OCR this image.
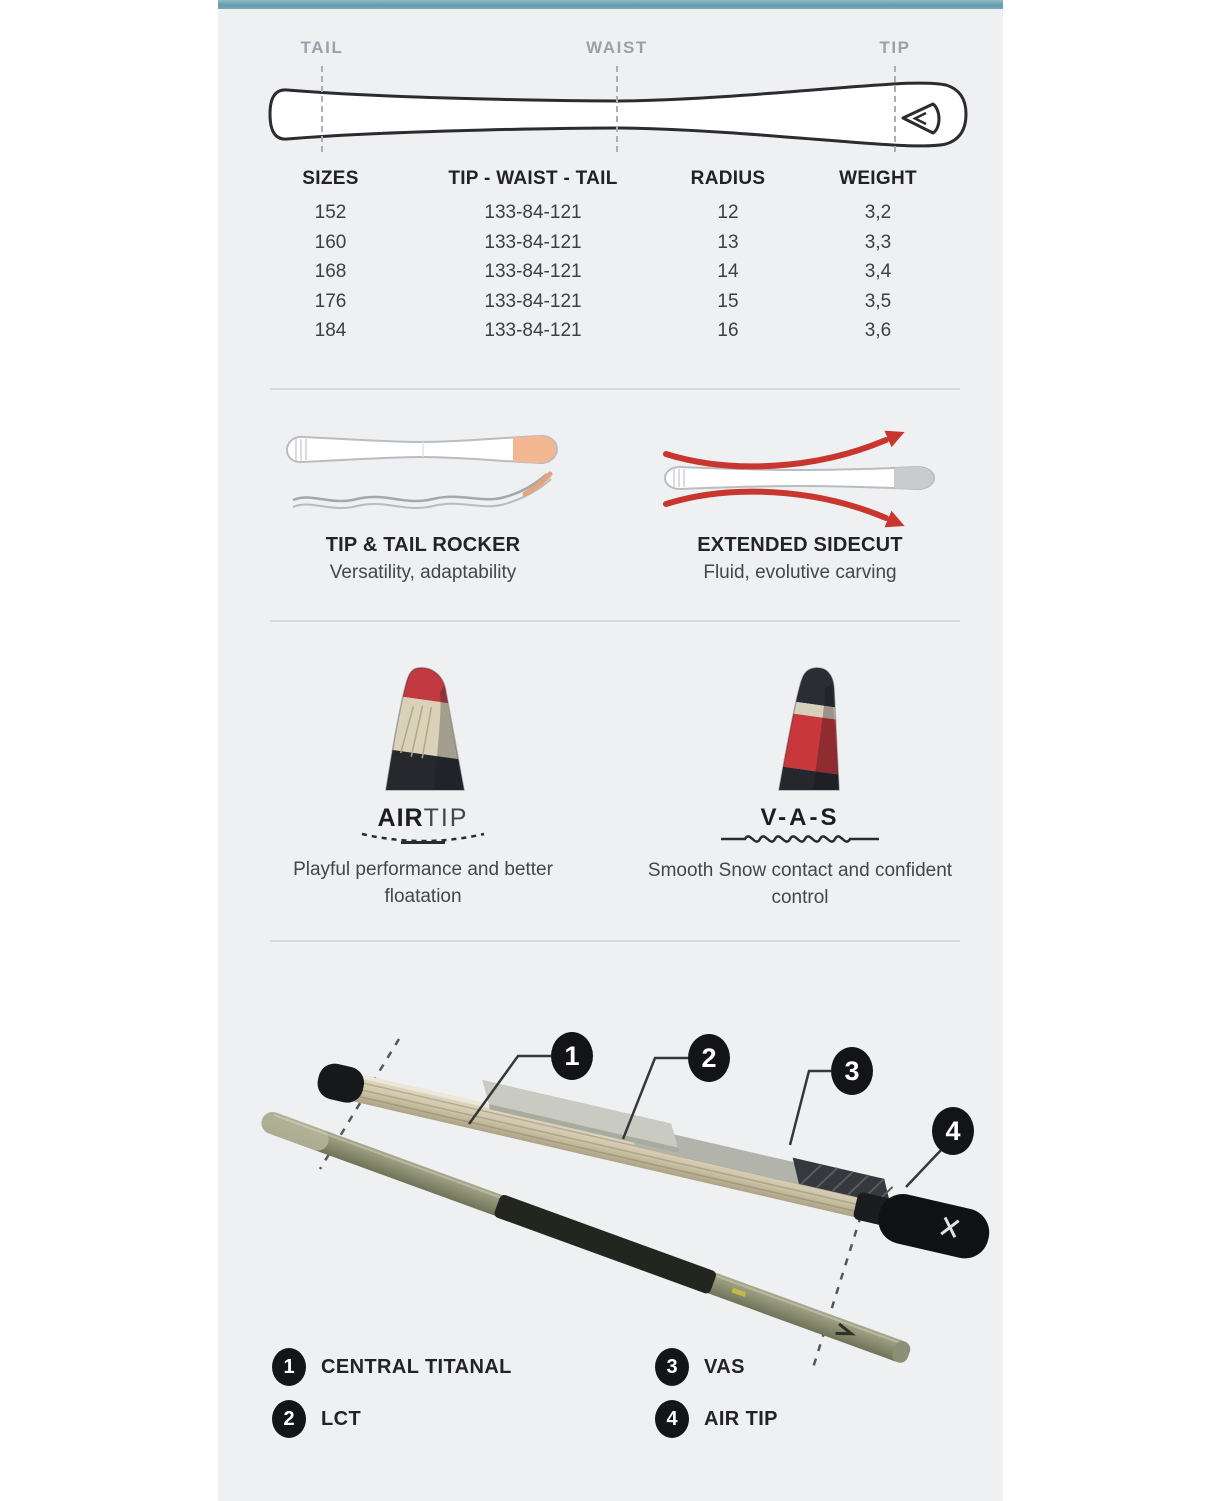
TAIL	WAIST	TIP
SIZES	TIP - WAIST - TAIL	RADIUS	WEIGHT
152	133-84-121	12	3,2
160	133-84-121	13	3,3
168	133-84-121	14	3,4
176	133-84-121	15	3,5
184	133-84-121	16	3,6
TIP & TAIL ROCKER
Versatility, adaptability
EXTENDED SIDECUT
Fluid, evolutive carving
AIRTIP
Playful performance and better floatation
V-A-S
Smooth Snow contact and confident control
1	2	3
4
1	CENTRAL TITANAL	3	VAS
2	LCT	4	AIR TIP
